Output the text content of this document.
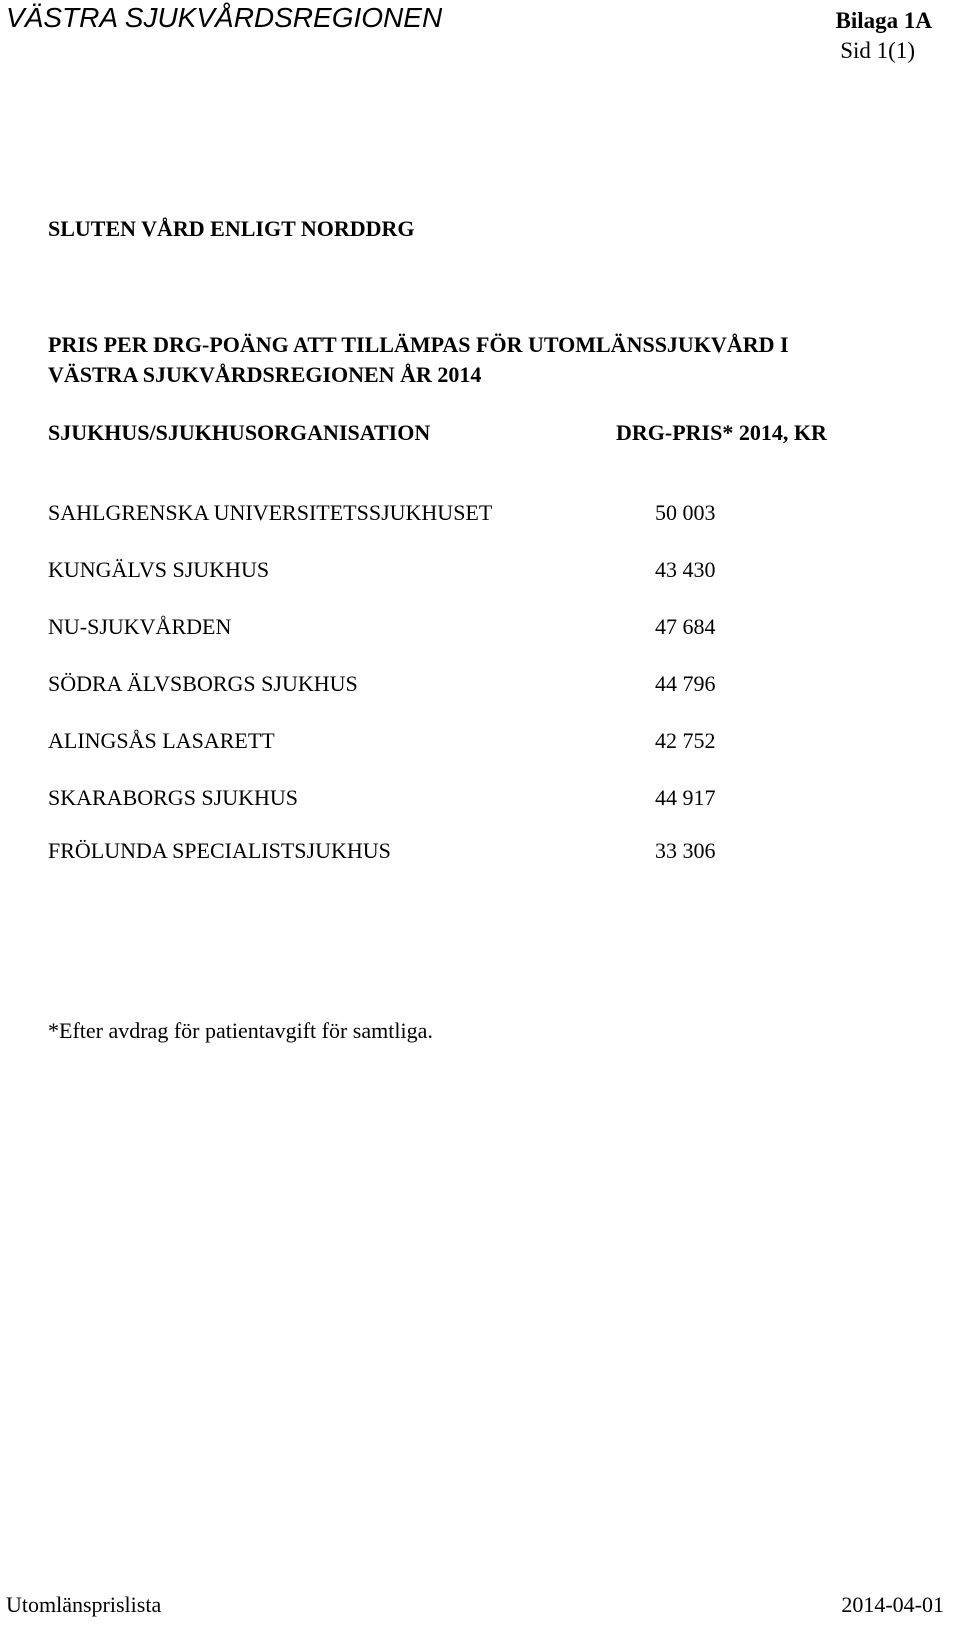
VÄSTRA SJUKVÅRDSREGIONEN	Bilaga 1A
Sid 1(1)
SLUTEN VÅRD ENLIGT NORDDRG
PRIS PER DRG-POÄNG ATT TILLÄMPAS FÖR UTOMLÄNSSJUKVÅRD I
VÄSTRA SJUKVÅRDSREGIONEN ÅR 2014
SJUKHUS/SJUKHUSORGANISATION	DRG-PRIS* 2014, KR
SAHLGRENSKA UNIVERSITETSSJUKHUSET	50 003
KUNGÄLVS SJUKHUS	43 430
NU-SJUKVÅRDEN	47 684
SÖDRA ÄLVSBORGS SJUKHUS	44 796
ALINGSÅS LASARETT	42 752
SKARABORGS SJUKHUS	44 917
FRÖLUNDA SPECIALISTSJUKHUS	33 306
*Efter avdrag för patientavgift för samtliga.
Utomlänsprislista	2014-04-01
